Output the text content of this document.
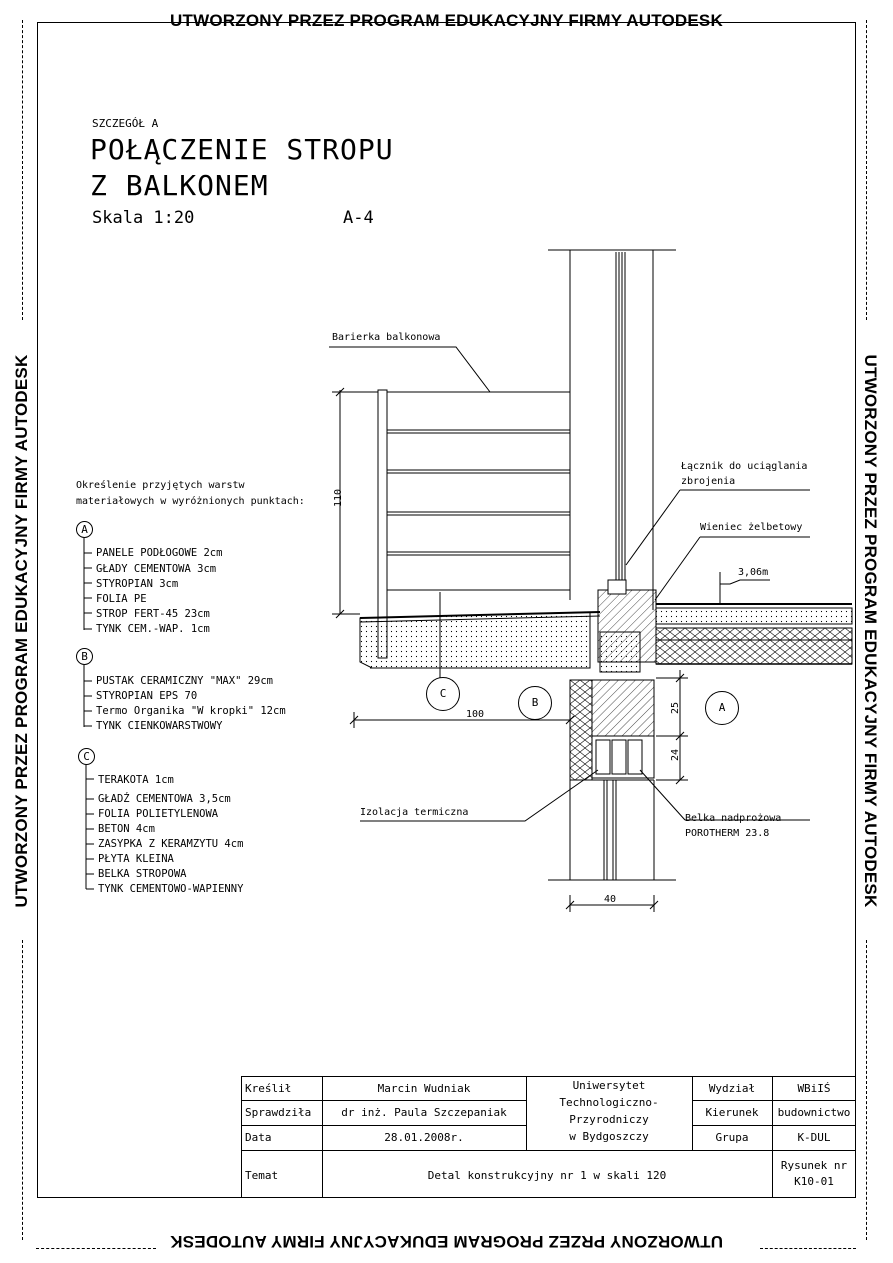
UTWORZONY PRZEZ PROGRAM EDUKACYJNY FIRMY AUTODESK
UTWORZONY PRZEZ PROGRAM EDUKACYJNY FIRMY AUTODESK
UTWORZONY PRZEZ PROGRAM EDUKACYJNY FIRMY AUTODESK	UTWORZONY PRZEZ PROGRAM EDUKACYJNY FIRMY AUTODESK
SZCZEGÓŁ A
POŁĄCZENIE STROPU
Z BALKONEM
Skala 1:20	A-4
Określenie przyjętych warstw materiałowych w wyróżnionych punktach:
A
PANELE PODŁOGOWE 2cm
GŁADY CEMENTOWA 3cm
STYROPIAN 3cm
FOLIA PE
STROP FERT-45 23cm
TYNK CEM.-WAP. 1cm
B
PUSTAK CERAMICZNY "MAX" 29cm
STYROPIAN EPS 70
Termo Organika "W kropki" 12cm
TYNK CIENKOWARSTWOWY
C
TERAKOTA 1cm
GŁADŹ CEMENTOWA 3,5cm
FOLIA POLIETYLENOWA
BETON 4cm
ZASYPKA Z KERAMZYTU 4cm
PŁYTA KLEINA
BELKA STROPOWA
TYNK CEMENTOWO-WAPIENNY
Barierka balkonowa
Łącznik do uciąglania
zbrojenia
Wieniec żelbetowy
3,06m
Izolacja termiczna
Belka nadprożowa
POROTHERM 23.8
110
100
25
24
40
C
B	A
Kreślił	Marcin Wudniak
Sprawdziła	dr inż. Paula Szczepaniak
Data	28.01.2008r.
Uniwersytet
Technologiczno-
Przyrodniczy
w Bydgoszczy
Wydział	WBiIŚ
Kierunek	budownictwo
Grupa	K-DUL
Temat	Detal konstrukcyjny nr 1 w skali 120
Rysunek nr
K10-01
